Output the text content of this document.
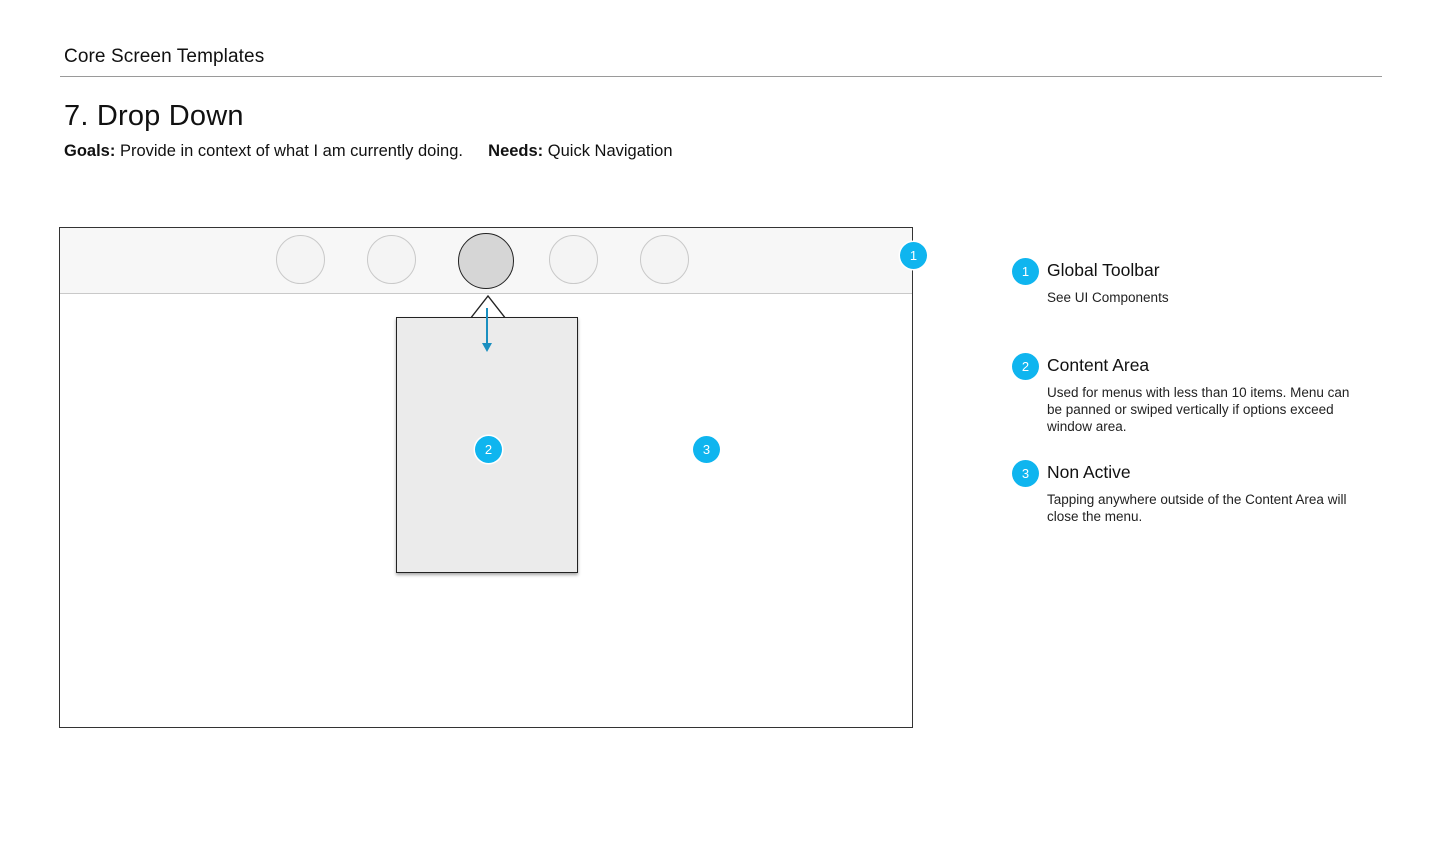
Core Screen Templates
7. Drop Down
Goals: Provide in context of what I am currently doing. Needs: Quick Navigation
1
2	3
1	Global Toolbar
See UI Components
2	Content Area
Used for menus with less than 10 items. Menu can be panned or swiped vertically if options exceed window area.
3	Non Active
Tapping anywhere outside of the Content Area will close the menu.
